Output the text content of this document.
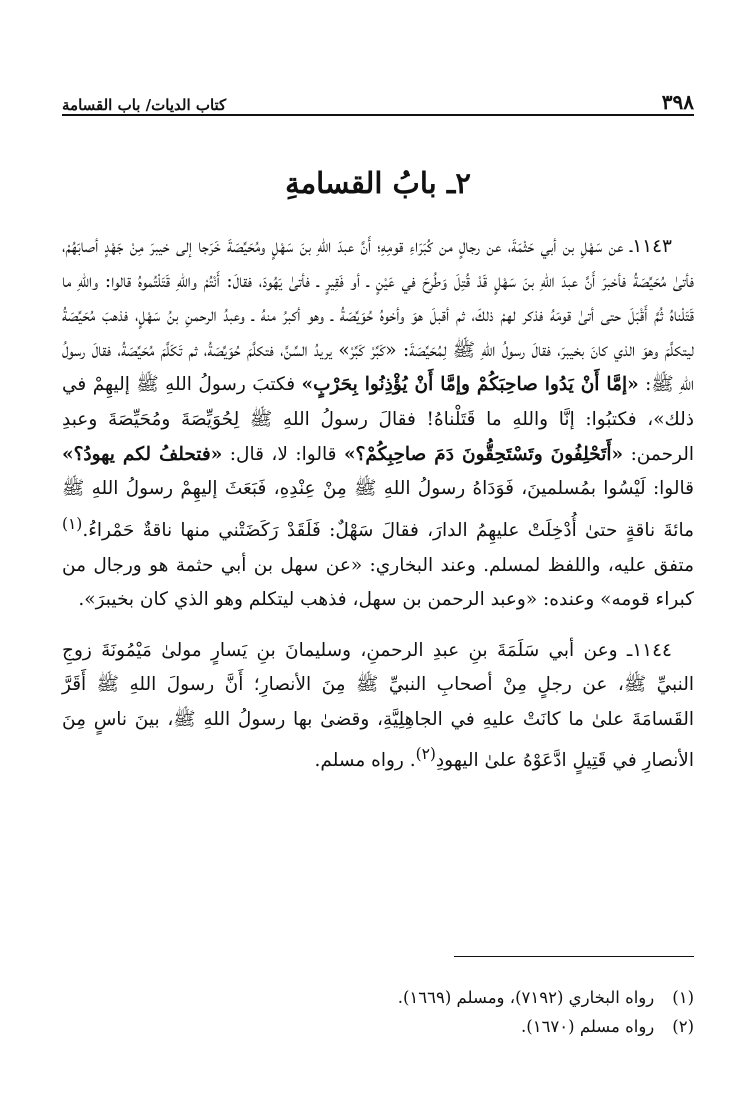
٣٩٨
كتاب الديات/ باب القسامة
٢ـ بابُ القسامةِ

١١٤٣ـ عن سَهْلِ بن أبي حَثْمَةَ، عن رجالٍ من كُبَرَاءِ قومِهِ؛ أَنَّ عبدَ اللهِ بنَ سَهْلٍ ومُحَيِّصَةَ خَرَجا إلى خيبرَ مِنْ جَهْدٍ أصابَهُمْ، فأتىٰ مُحَيِّصَةُ فأخبرَ أَنَّ عبدَ اللهِ بنَ سَهْلٍ قَدْ قُتِلَ وَطُرِحَ في عَيْنٍ ـ أو فَقِيرٍ ـ فأتىٰ يَهُودَ، فقالَ: أَنْتُمْ واللهِ قَتَلْتُموهُ قالوا: واللهِ ما قَتَلْناهُ ثُمَّ أَقْبَلَ حتى أتىٰ قومَهُ فذكر لهمْ ذلكَ، ثم أقبلَ هوَ وأخوهُ حُوَيِّصَةُ ـ وهو أكبرُ منهُ ـ وعبدُ الرحمنِ بنُ سَهْلٍ، فذهبَ مُحَيِّصَةُ ليتكلَّمَ وهوَ الذي كانَ بخيبرَ، فقالَ رسولُ اللهِ ﷺ لِمُحَيِّصَةَ: «كَبِّرْ كَبِّرْ» يريدُ السِّنَّ، فتكلَّمَ حُوَيِّصَةُ، ثم تَكَلَّمَ مُحَيِّصَةُ، فقالَ رسولُ اللهِ ﷺ: «إمَّا أَنْ يَدُوا صاحِبَكُمْ وإمَّا أَنْ يُؤْذِنُوا بِحَرْبٍ» فكتبَ رسولُ اللهِ ﷺ إليهِمْ في ذلك»، فكتبُوا: إنَّا واللهِ ما قَتَلْناهُ! فقالَ رسولُ اللهِ ﷺ لِحُوَيِّصَةَ ومُحَيِّصَةَ وعبدِ الرحمن: «أَتَحْلِفُونَ وتَسْتَحِقُّونَ دَمَ صاحِبِكُمْ؟» قالوا: لا، قال: «فتحلفُ لكم يهودُ؟» قالوا: لَيْسُوا بمُسلمينَ، فَوَدَاهُ رسولُ اللهِ ﷺ مِنْ عِنْدِهِ، فَبَعَثَ إليهِمْ رسولُ اللهِ ﷺ مائةَ ناقةٍ حتىٰ أُدْخِلَتْ عليهِمُ الدارَ، فقالَ سَهْلٌ: فَلَقَدْ رَكَضَتْني منها ناقةٌ حَمْراءُ.$^{(١)}$ متفق عليه، واللفظ لمسلم. وعند البخاري: «عن سهل بن أبي حثمة هو ورجال من كبراء قومه» وعنده: «وعبد الرحمن بن سهل، فذهب ليتكلم وهو الذي كان بخيبرَ».

١١٤٤ـ وعن أبي سَلَمَةَ بنِ عبدِ الرحمنِ، وسليمانَ بنِ يَسارٍ مولىٰ مَيْمُونَةَ زوجِ النبيِّ ﷺ، عن رجلٍ مِنْ أصحابِ النبيِّ ﷺ مِنَ الأنصارِ؛ أَنَّ رسولَ اللهِ ﷺ أَقَرَّ القَسامَةَ علىٰ ما كانَتْ عليهِ في الجاهِلِيَّةِ، وقضىٰ بها رسولُ اللهِ ﷺ، بينَ ناسٍ مِنَ الأنصارِ في قَتِيلٍ ادَّعَوْهُ علىٰ اليهودِ$^{(٢)}$. رواه مسلم.

(١)
رواه البخاري (٧١٩٢)، ومسلم (١٦٦٩).
(٢)
رواه مسلم (١٦٧٠).
